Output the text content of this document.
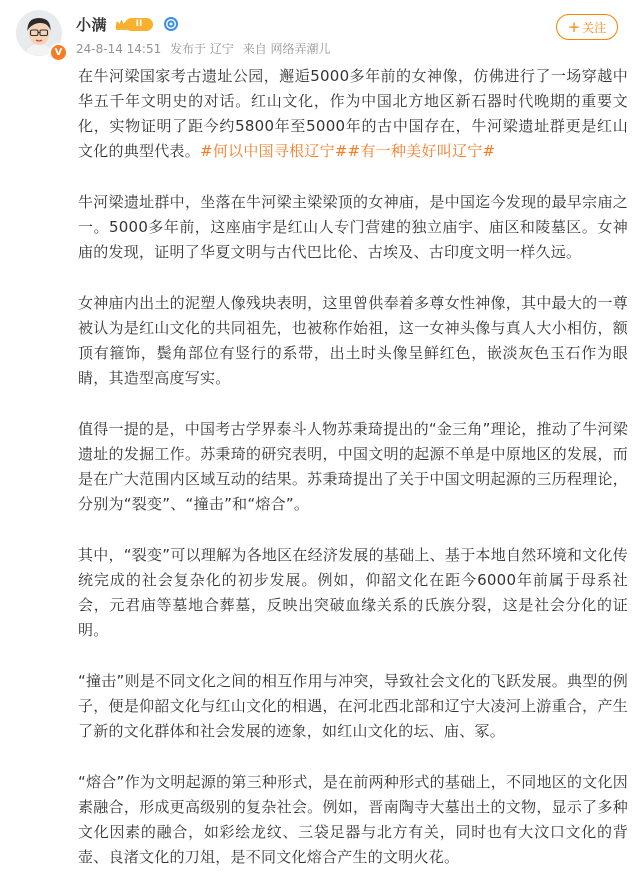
V
小满	II
24-8-14 14:51 发布于 辽宁 来自 网络弄潮儿
+ 关注

在牛河梁国家考古遗址公园，邂逅5000多年前的女神像，仿佛进行了一场穿越中华五千年文明史的对话。红山文化，作为中国北方地区新石器时代晚期的重要文化，实物证明了距今约5800年至5000年的古中国存在，牛河梁遗址群更是红山文化的典型代表。#何以中国寻根辽宁##有一种美好叫辽宁#

牛河梁遗址群中，坐落在牛河梁主梁梁顶的女神庙，是中国迄今发现的最早宗庙之一。5000多年前，这座庙宇是红山人专门营建的独立庙宇、庙区和陵墓区。女神庙的发现，证明了华夏文明与古代巴比伦、古埃及、古印度文明一样久远。

女神庙内出土的泥塑人像残块表明，这里曾供奉着多尊女性神像，其中最大的一尊被认为是红山文化的共同祖先，也被称作始祖，这一女神头像与真人大小相仿，额顶有箍饰，鬓角部位有竖行的系带，出土时头像呈鲜红色，嵌淡灰色玉石作为眼睛，其造型高度写实。

值得一提的是，中国考古学界泰斗人物苏秉琦提出的“金三角”理论，推动了牛河梁遗址的发掘工作。苏秉琦的研究表明，中国文明的起源不单是中原地区的发展，而是在广大范围内区域互动的结果。苏秉琦提出了关于中国文明起源的三历程理论，分别为“裂变”、“撞击”和“熔合”。

其中，“裂变”可以理解为各地区在经济发展的基础上、基于本地自然环境和文化传统完成的社会复杂化的初步发展。例如，仰韶文化在距今6000年前属于母系社会，元君庙等墓地合葬墓，反映出突破血缘关系的氏族分裂，这是社会分化的证明。

“撞击”则是不同文化之间的相互作用与冲突，导致社会文化的飞跃发展。典型的例子，便是仰韶文化与红山文化的相遇，在河北西北部和辽宁大凌河上游重合，产生了新的文化群体和社会发展的迹象，如红山文化的坛、庙、冢。

“熔合”作为文明起源的第三种形式，是在前两种形式的基础上，不同地区的文化因素融合，形成更高级别的复杂社会。例如，晋南陶寺大墓出土的文物，显示了多种文化因素的融合，如彩绘龙纹、三袋足器与北方有关，同时也有大汶口文化的背壶、良渚文化的刀俎，是不同文化熔合产生的文明火花。
